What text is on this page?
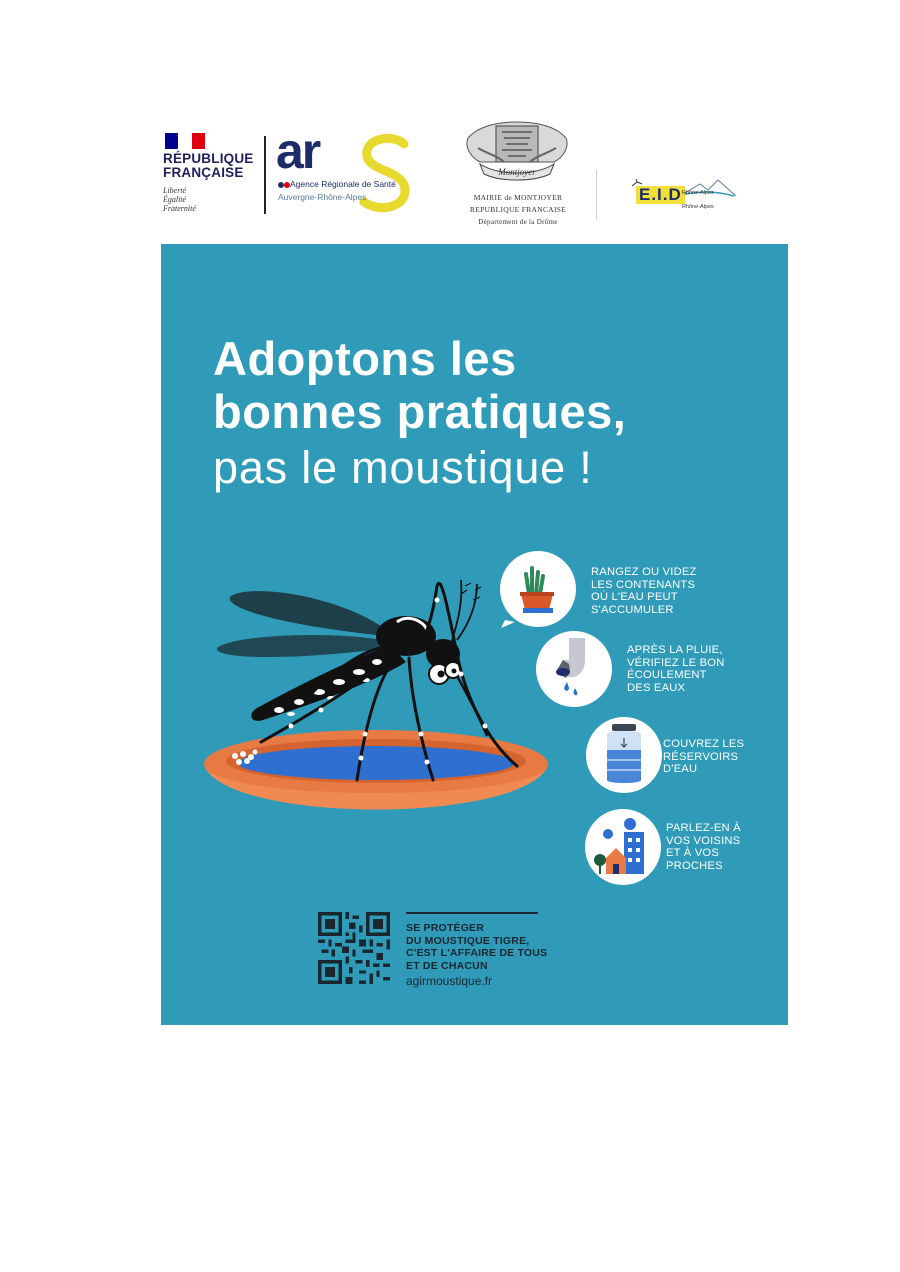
RÉPUBLIQUE
FRANÇAISE
Liberté
Égalité
Fraternité
ar
Agence Régionale de Santé
Auvergne-Rhône-Alpes
Montjoyer
MAIRIE de MONTJOYER
REPUBLIQUE FRANCAISE
Département de la Drôme
E.I.D Rhône-Alpes
Rhône-Alpes
Adoptons les
bonnes pratiques,
pas le moustique !
RANGEZ OU VIDEZ
LES CONTENANTS
OÙ L'EAU PEUT
S'ACCUMULER
APRÈS LA PLUIE,
VÉRIFIEZ LE BON
ÉCOULEMENT
DES EAUX
COUVREZ LES
RÉSERVOIRS
D'EAU
PARLEZ-EN À
VOS VOISINS
ET À VOS
PROCHES
SE PROTÉGER
DU MOUSTIQUE TIGRE,
C'EST L'AFFAIRE DE TOUS
ET DE CHACUN
agirmoustique.fr
